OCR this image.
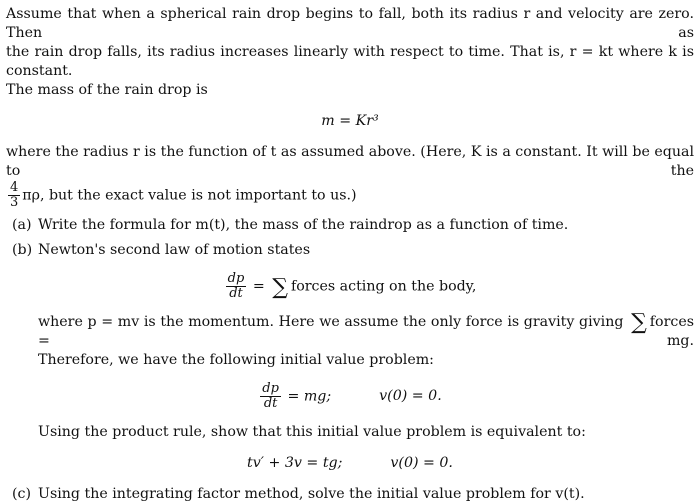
Assume that when a spherical rain drop begins to fall, both its radius r and velocity are zero. Then as

the rain drop falls, its radius increases linearly with respect to time. That is, r = kt where k is constant.

The mass of the rain drop is

m = Kr³

where the radius r is the function of t as assumed above. (Here, K is a constant. It will be equal to the

$\frac{4}{3} \pi\rho$, but the exact value is not important to us.)

(a) Write the formula for m(t), the mass of the raindrop as a function of time.

(b) Newton's second law of motion states

$\frac{dp}{dt}$ = ∑ forces acting on the body,

where p = mv is the momentum. Here we assume the only force is gravity giving ∑ forces = mg.

Therefore, we have the following initial value problem:

$\frac{dp}{dt}$ = mg;	v(0) = 0.

Using the product rule, show that this initial value problem is equivalent to:

tv′ + 3v = tg;	v(0) = 0.

(c) Using the integrating factor method, solve the initial value problem for v(t).
